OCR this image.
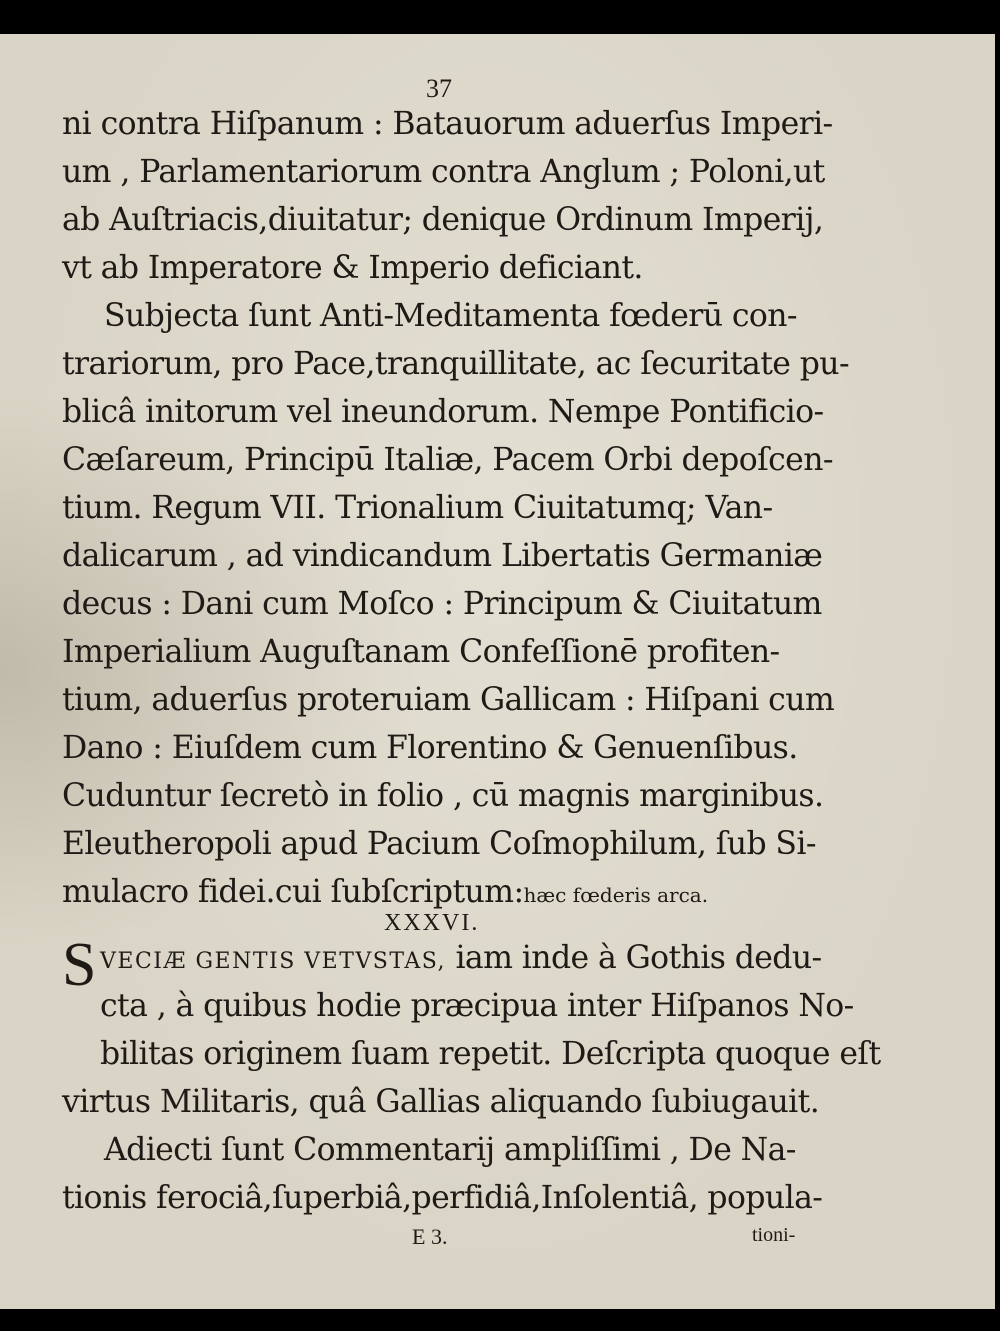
37
ni contra Hiſpanum : Batauorum aduerſus Imperi-
um , Parlamentariorum contra Anglum ; Poloni,ut
ab Auſtriacis,diuitatur; denique Ordinum Imperij,
vt ab Imperatore & Imperio deficiant.
Subjecta ſunt Anti-Meditamenta fœderū con-
trariorum, pro Pace,tranquillitate, ac ſecuritate pu-
blicâ initorum vel ineundorum. Nempe Pontificio-
Cæſareum, Principū Italiæ, Pacem Orbi depoſcen-
tium. Regum VII. Trionalium Ciuitatumq; Van-
dalicarum , ad vindicandum Libertatis Germaniæ
decus : Dani cum Moſco : Principum & Ciuitatum
Imperialium Auguſtanam Confeſſionē profiten-
tium, aduerſus proteruiam Gallicam : Hiſpani cum
Dano : Eiuſdem cum Florentino & Genuenſibus.
Cuduntur ſecretò in folio , cū magnis marginibus.
Eleutheropoli apud Pacium Coſmophilum, ſub Si-
mulacro fidei.cui ſubſcriptum:hæc fœderis arca.
XXXVI.
S VECIÆ GENTIS VETVSTAS, iam inde à Gothis dedu-
cta , à quibus hodie præcipua inter Hiſpanos No-
bilitas originem ſuam repetit. Deſcripta quoque eſt
virtus Militaris, quâ Gallias aliquando ſubiugauit.
Adiecti ſunt Commentarij ampliſſimi , De Na-
tionis ferociâ,ſuperbiâ,perfidiâ,Inſolentiâ, popula-
E 3.	tioni-
